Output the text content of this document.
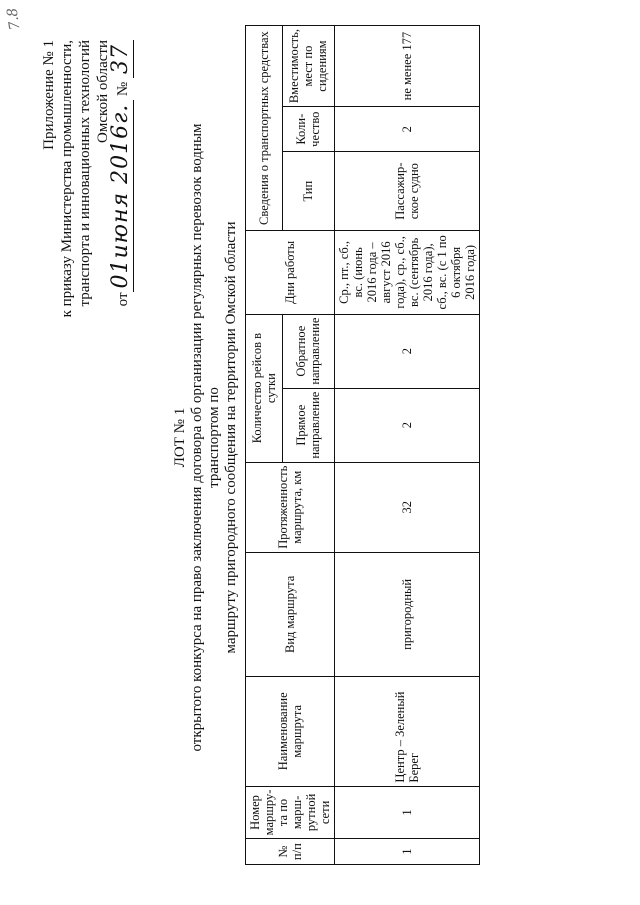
7.8
Приложение № 1 к приказу Министерства промышленности, транспорта и инновационных технологий Омской области
от01июня 2016г. № 37
ЛОТ № 1 открытого конкурса на право заключения договора об организации регулярных перевозок водным транспортом по маршруту пригородного сообщения на территории Омской области
№ п/п	Номер маршру-та по марш-рутной сети	Наименование маршрута	Вид маршрута	Протяженность маршрута, км	Количество рейсов в сутки		Дни работы	Сведения о транспортных средствах		
					Прямое направление	Обратное направление		Тип	Коли-чество	Вместимость, мест по сидениям
1	1	Центр – Зеленый Берег	пригородный	32	2	2	Ср., пт., сб., вс. (июнь 2016 года – август 2016 года), ср., сб., вс. (сентябрь 2016 года), сб., вс. (с 1 по 6 октября 2016 года)	Пассажир-ское судно	2	не менее 177
